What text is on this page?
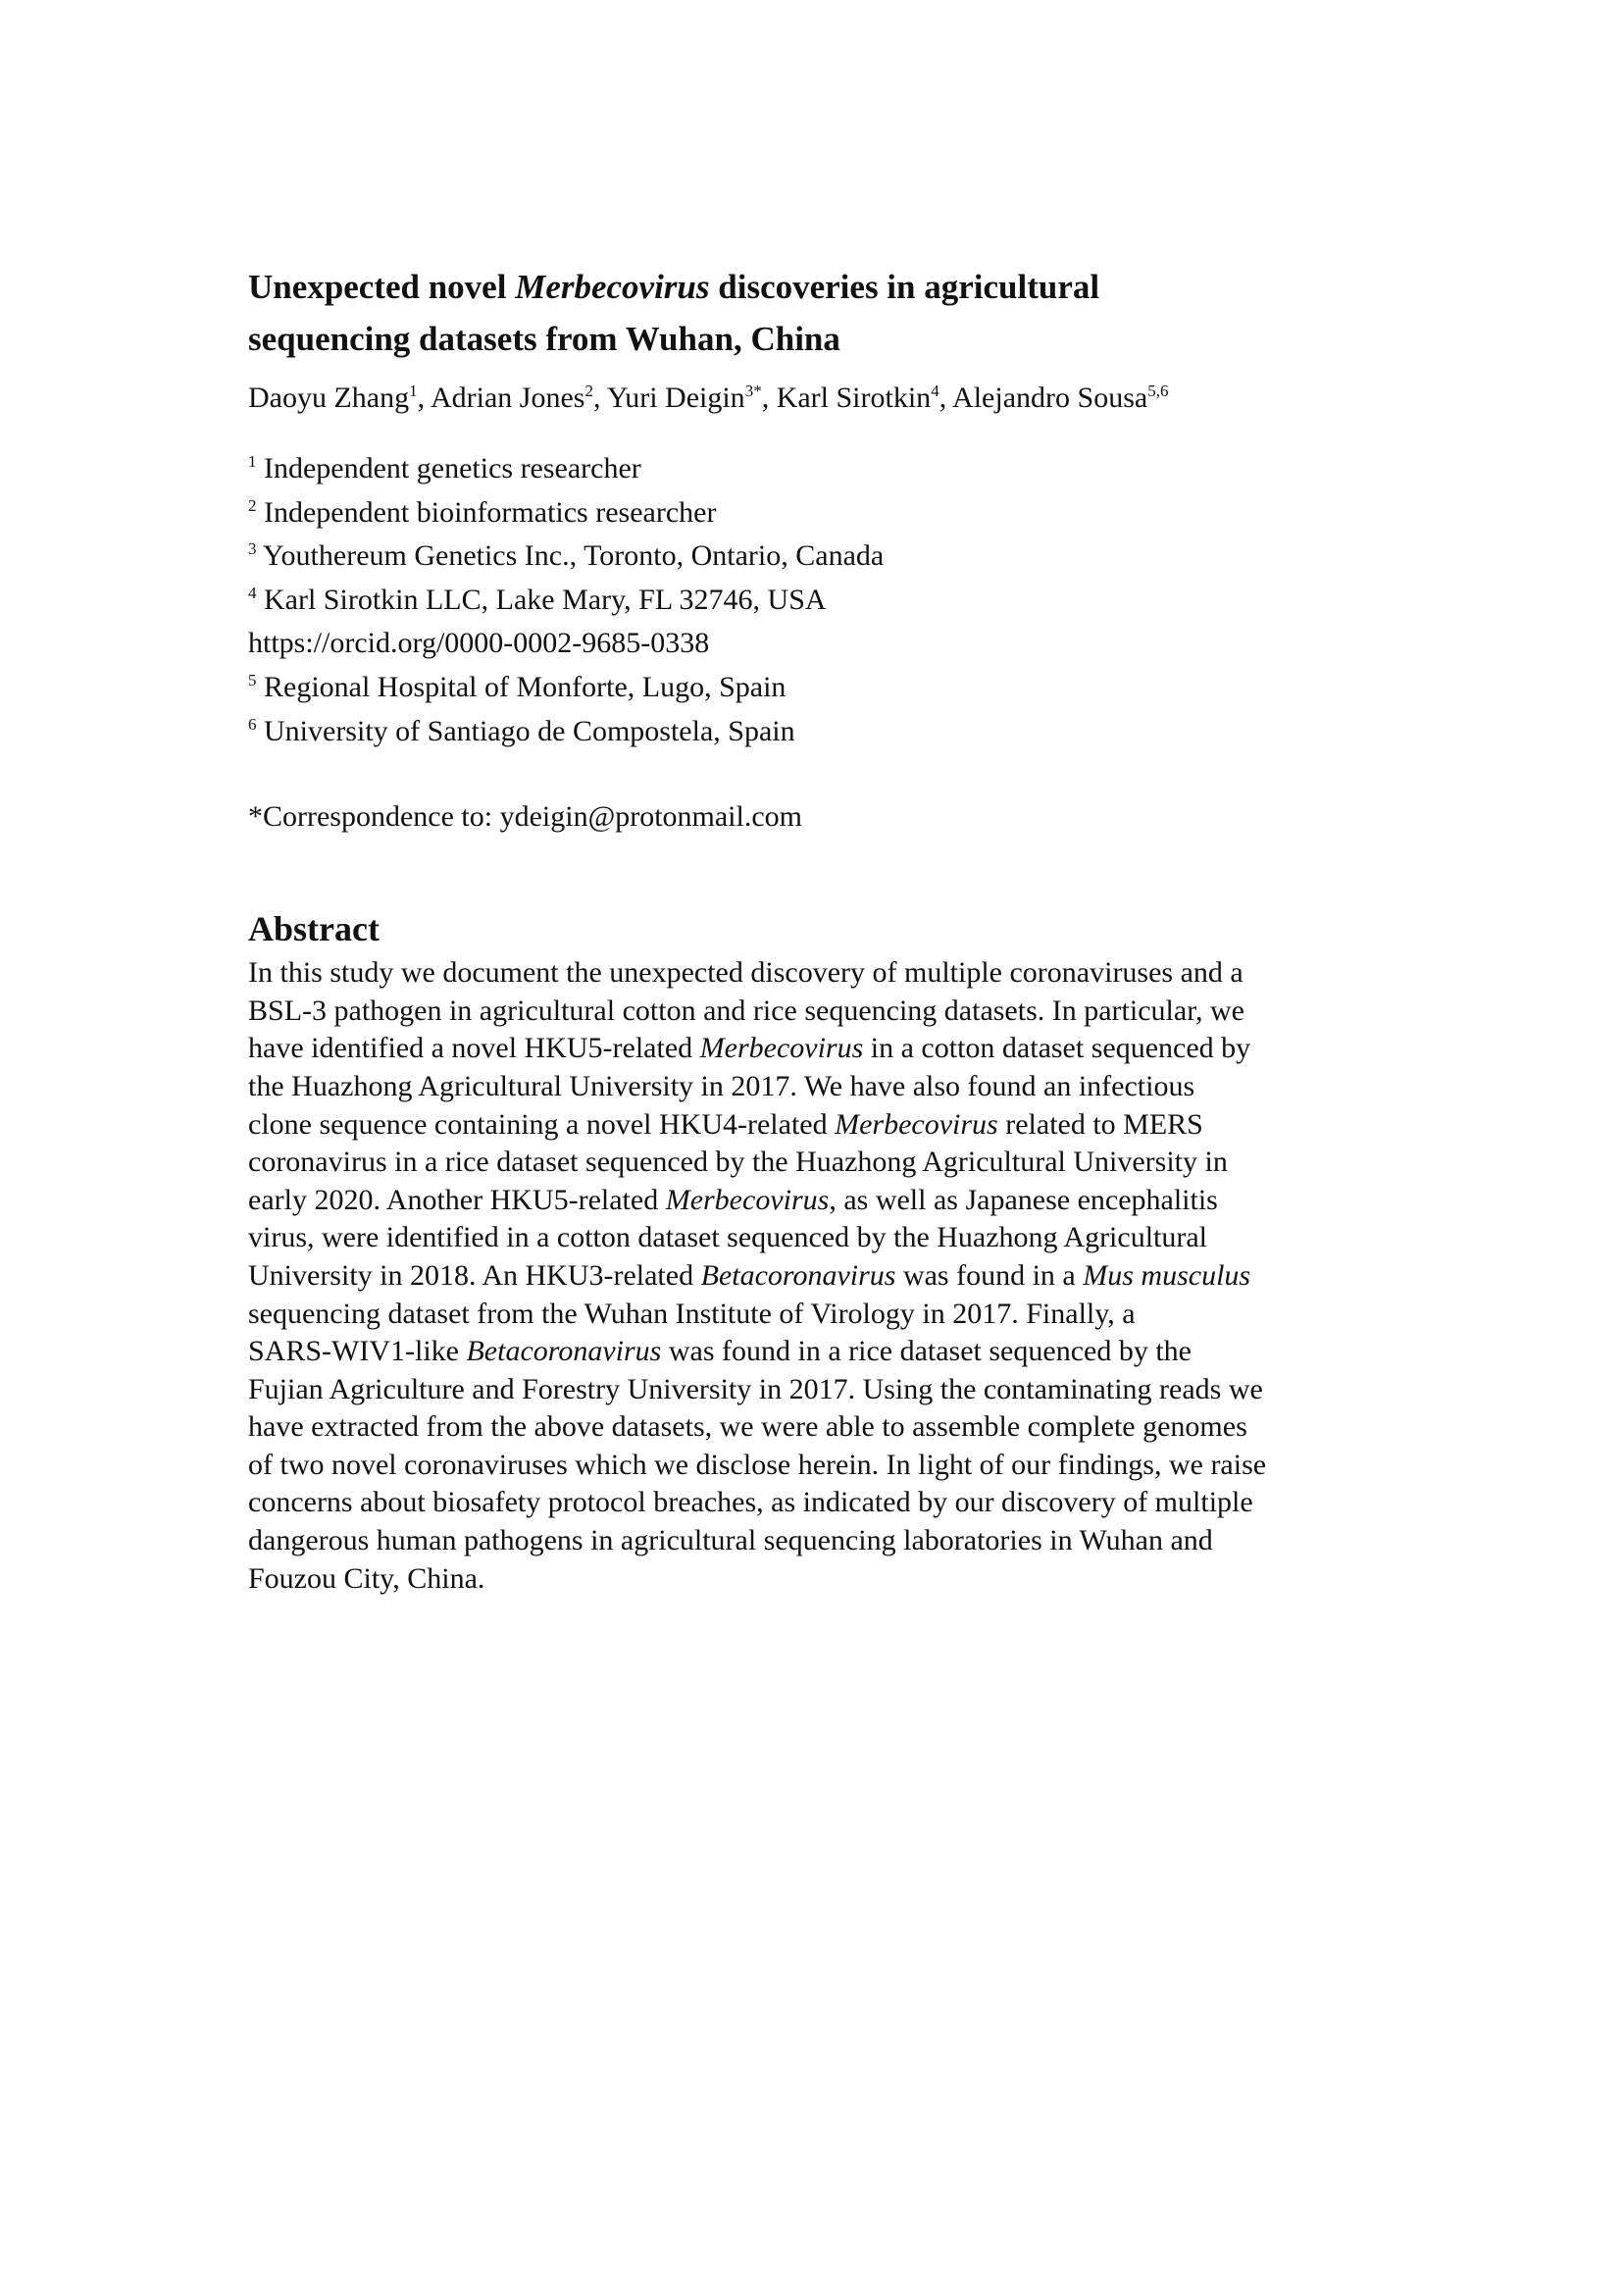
Unexpected novel Merbecovirus discoveries in agricultural
sequencing datasets from Wuhan, China
Daoyu Zhang$^1$, Adrian Jones$^2$, Yuri Deigin$^{3*}$, Karl Sirotkin$^4$, Alejandro Sousa$^{5,6}$
$^1$ Independent genetics researcher
$^2$ Independent bioinformatics researcher
$^3$ Youthereum Genetics Inc., Toronto, Ontario, Canada
$^4$ Karl Sirotkin LLC, Lake Mary, FL 32746, USA
https://orcid.org/0000-0002-9685-0338
$^5$ Regional Hospital of Monforte, Lugo, Spain
$^6$ University of Santiago de Compostela, Spain
*Correspondence to: ydeigin@protonmail.com
Abstract
In this study we document the unexpected discovery of multiple coronaviruses and a
BSL-3 pathogen in agricultural cotton and rice sequencing datasets. In particular, we
have identified a novel HKU5-related Merbecovirus in a cotton dataset sequenced by
the Huazhong Agricultural University in 2017. We have also found an infectious
clone sequence containing a novel HKU4-related Merbecovirus related to MERS
coronavirus in a rice dataset sequenced by the Huazhong Agricultural University in
early 2020. Another HKU5-related Merbecovirus, as well as Japanese encephalitis
virus, were identified in a cotton dataset sequenced by the Huazhong Agricultural
University in 2018. An HKU3-related Betacoronavirus was found in a Mus musculus
sequencing dataset from the Wuhan Institute of Virology in 2017. Finally, a
SARS-WIV1-like Betacoronavirus was found in a rice dataset sequenced by the
Fujian Agriculture and Forestry University in 2017. Using the contaminating reads we
have extracted from the above datasets, we were able to assemble complete genomes
of two novel coronaviruses which we disclose herein. In light of our findings, we raise
concerns about biosafety protocol breaches, as indicated by our discovery of multiple
dangerous human pathogens in agricultural sequencing laboratories in Wuhan and
Fouzou City, China.
